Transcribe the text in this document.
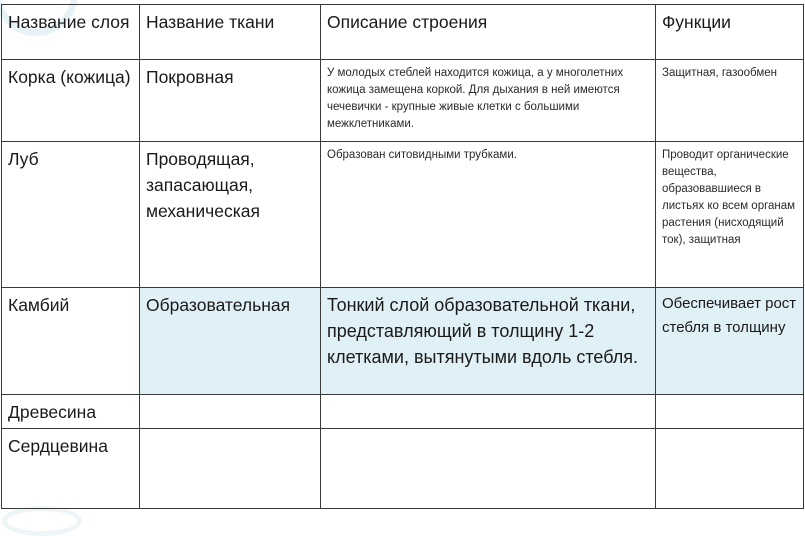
Название слоя	Название ткани	Описание строения	Функции
Корка (кожица)	Покровная	У молодых стеблей находится кожица, а у многолетних кожица замещена коркой. Для дыхания в ней имеются чечевички - крупные живые клетки с большими межклетниками.	Защитная, газообмен
Луб	Проводящая, запасающая, механическая	Образован ситовидными трубками.	Проводит органические вещества, образовавшиеся в листьях ко всем органам растения (нисходящий ток), защитная
Камбий	Образовательная	Тонкий слой образовательной ткани, представляющий в толщину 1-2 клетками, вытянутыми вдоль стебля.	Обеспечивает рост стебля в толщину
Древесина			
Сердцевина			
